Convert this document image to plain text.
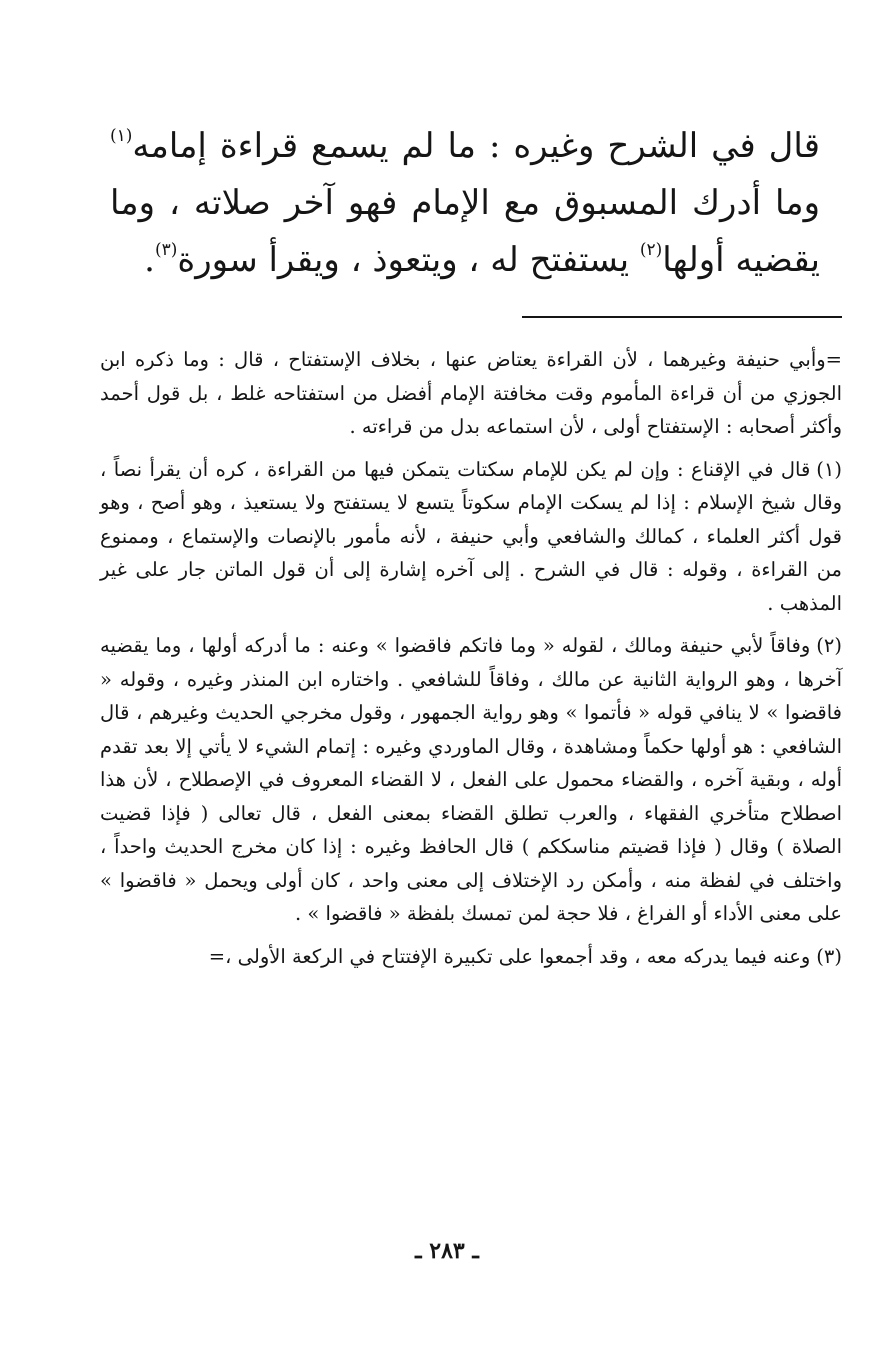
قال في الشرح وغيره : ما لم يسمع قراءة إمامه$^{(١)}$ وما أدرك المسبوق مع الإمام فهو آخر صلاته ، وما يقضيه أولها$^{(٢)}$ يستفتح له ، ويتعوذ ، ويقرأ سورة$^{(٣)}$.

=وأبي حنيفة وغيرهما ، لأن القراءة يعتاض عنها ، بخلاف الإستفتاح ، قال : وما ذكره ابن الجوزي من أن قراءة المأموم وقت مخافتة الإمام أفضل من استفتاحه غلط ، بل قول أحمد وأكثر أصحابه : الإستفتاح أولى ، لأن استماعه بدل من قراءته .

(١)قال في الإقناع : وإن لم يكن للإمام سكتات يتمكن فيها من القراءة ، كره أن يقرأ نصاً ، وقال شيخ الإسلام : إذا لم يسكت الإمام سكوتاً يتسع لا يستفتح ولا يستعيذ ، وهو أصح ، وهو قول أكثر العلماء ، كمالك والشافعي وأبي حنيفة ، لأنه مأمور بالإنصات والإستماع ، وممنوع من القراءة ، وقوله : قال في الشرح . إلى آخره إشارة إلى أن قول الماتن جار على غير المذهب .

(٢)وفاقاً لأبي حنيفة ومالك ، لقوله « وما فاتكم فاقضوا » وعنه : ما أدركه أولها ، وما يقضيه آخرها ، وهو الرواية الثانية عن مالك ، وفاقاً للشافعي . واختاره ابن المنذر وغيره ، وقوله « فاقضوا » لا ينافي قوله « فأتموا » وهو رواية الجمهور ، وقول مخرجي الحديث وغيرهم ، قال الشافعي : هو أولها حكماً ومشاهدة ، وقال الماوردي وغيره : إتمام الشيء لا يأتي إلا بعد تقدم أوله ، وبقية آخره ، والقضاء محمول على الفعل ، لا القضاء المعروف في الإصطلاح ، لأن هذا اصطلاح متأخري الفقهاء ، والعرب تطلق القضاء بمعنى الفعل ، قال تعالى ( فإذا قضيت الصلاة ) وقال ( فإذا قضيتم مناسككم ) قال الحافظ وغيره : إذا كان مخرج الحديث واحداً ، واختلف في لفظة منه ، وأمكن رد الإختلاف إلى معنى واحد ، كان أولى ويحمل « فاقضوا » على معنى الأداء أو الفراغ ، فلا حجة لمن تمسك بلفظة « فاقضوا » .

(٣)وعنه فيما يدركه معه ، وقد أجمعوا على تكبيرة الإفتتاح في الركعة الأولى ،=

ـ ٢٨٣ ـ
